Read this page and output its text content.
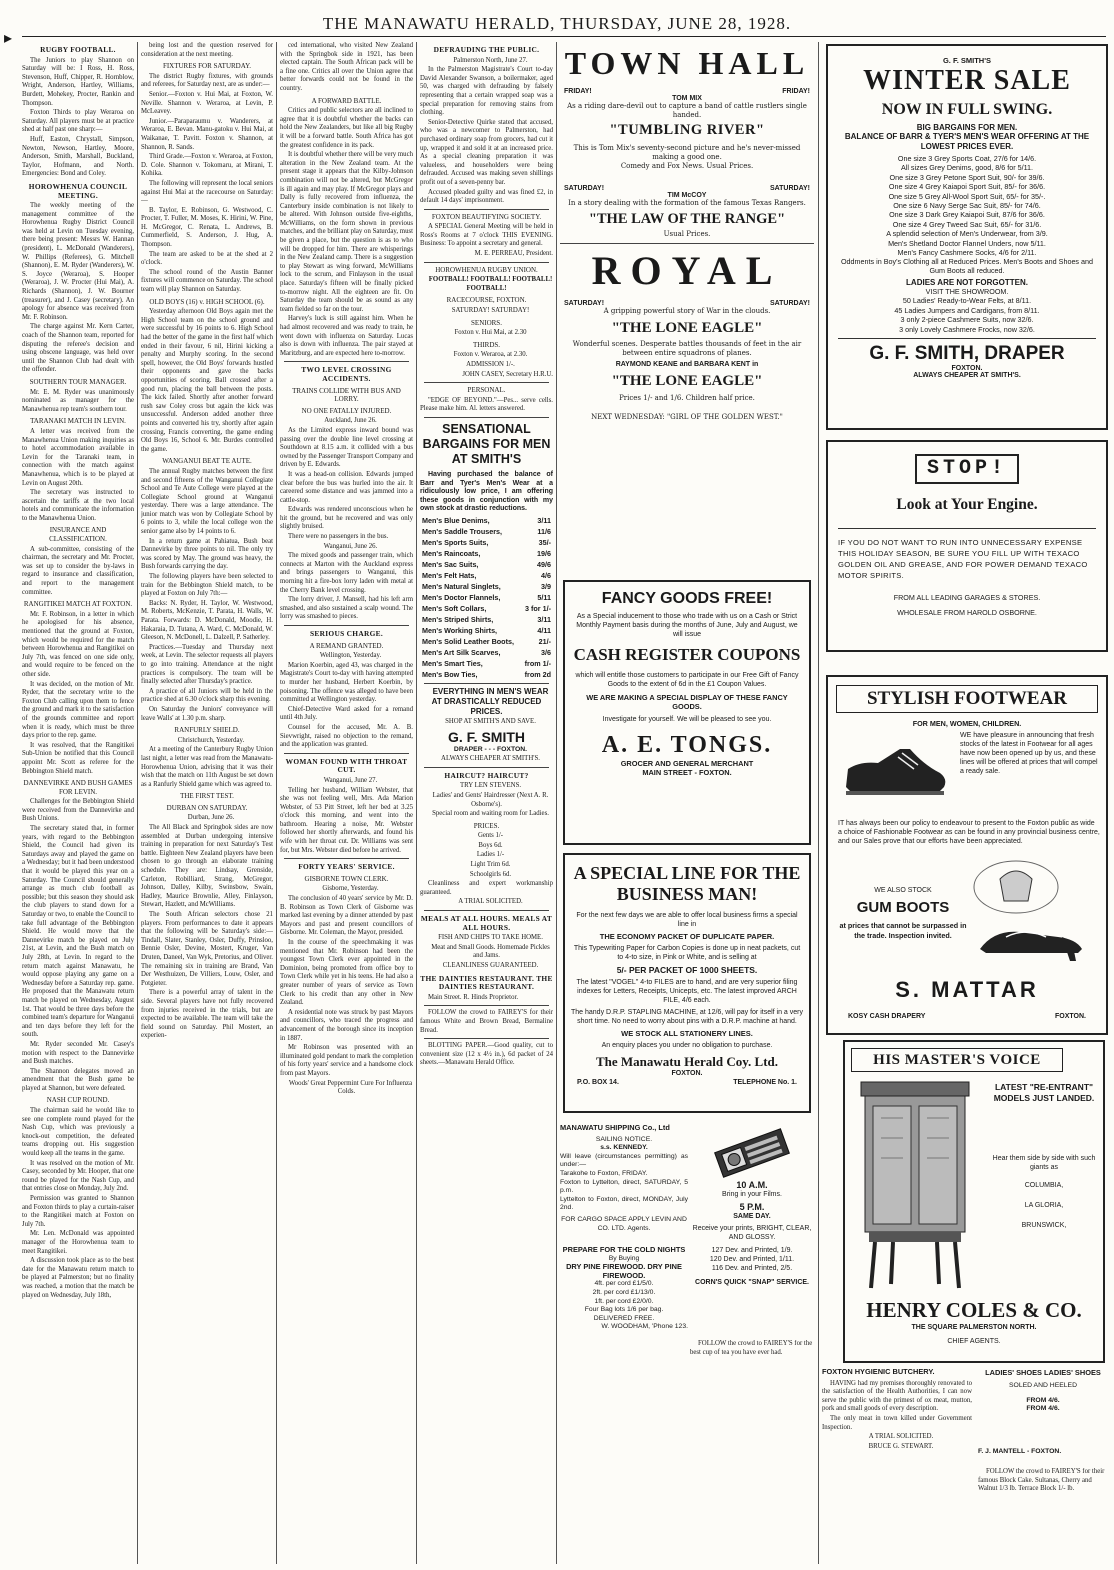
▸
THE MANAWATU HERALD, THURSDAY, JUNE 28, 1928.
RUGBY FOOTBALL.

The Juniors to play Shannon on Saturday will be: I Ross, H. Ross, Stevenson, Huff, Chipper, R. Hornblow, Wright, Anderson, Hartley, Williams, Burdett, Mohekey, Procter, Rankin and Thompson.

Foxton Thirds to play Weraroa on Saturday. All players must be at practice shed at half past one sharp:—

Huff, Easton, Chrystall, Simpson, Newton, Newson, Hartley, Moore, Anderson, Smith, Marshall, Buckland, Taylor, Hofmann, and North. Emergencies: Bond and Coley.

HOROWHENUA COUNCIL MEETING.

The weekly meeting of the management committee of the Horowhenua Rugby District Council was held at Levin on Tuesday evening, there being present: Messrs W. Hannan (president), L. McDonald (Wanderers), W. Phillips (Referees), G. Mitchell (Shannon), E. M. Ryder (Wanderers), W. S. Joyce (Weraroa), S. Hooper (Weraroa), J. W. Procter (Hui Mai), A. Richards (Shannon), J. W. Bourner (treasurer), and J. Casey (secretary). An apology for absence was received from Mr. F. Robinson.

The charge against Mr. Kern Carter, coach of the Shannon team, reported for disputing the referee's decision and using obscene language, was held over until the Shannon Club had dealt with the offender.

SOUTHERN TOUR MANAGER.

Mr. E. M. Ryder was unanimously nominated as manager for the Manawhenua rep team's southern tour.

TARANAKI MATCH IN LEVIN.

A letter was received from the Manawhenua Union making inquiries as to hotel accommodation available in Levin for the Taranaki team, in connection with the match against Manawhenua, which is to be played at Levin on August 20th.

The secretary was instructed to ascertain the tariffs at the two local hotels and communicate the information to the Manawhenua Union.

INSURANCE AND CLASSIFICATION.

A sub-committee, consisting of the chairman, the secretary and Mr. Procter, was set up to consider the by-laws in regard to insurance and classification, and report to the management committee.

RANGITIKEI MATCH AT FOXTON.

Mr. F. Robinson, in a letter in which he apologised for his absence, mentioned that the ground at Foxton, which would be required for the match between Horowhenua and Rangitikei on July 7th, was fenced on one side only, and would require to be fenced on the other side.

It was decided, on the motion of Mr. Ryder, that the secretary write to the Foxton Club calling upon them to fence the ground and mark it to the satisfaction of the grounds committee and report when it is ready, which must be three days prior to the rep. game.

It was resolved, that the Rangitikei Sub-Union be notified that this Council appoint Mr. Scott as referee for the Bebbington Shield match.

DANNEVIRKE AND BUSH GAMES FOR LEVIN.

Challenges for the Bebbington Shield were received from the Dannevirke and Bush Unions.

The secretary stated that, in former years, with regard to the Bebbington Shield, the Council had given its Saturdays away and played the game on a Wednesday; but it had been understood that it would be played this year on a Saturday. The Council should generally arrange as much club football as possible; but this season they should ask the club players to stand down for a Saturday or two, to enable the Council to take full advantage of the Bebbington Shield. He would move that the Dannevirke match be played on July 21st, at Levin, and the Bush match on July 28th, at Levin. In regard to the return match against Manawatu, he would oppose playing any game on a Wednesday before a Saturday rep. game. He proposed that the Manawatu return match be played on Wednesday, August 1st. That would be three days before the combined team's departure for Wanganui and ten days before they left for the south.

Mr. Ryder seconded Mr. Casey's motion with respect to the Dannevirke and Bush matches.

The Shannon delegates moved an amendment that the Bush game be played at Shannon, but were defeated.

NASH CUP ROUND.

The chairman said he would like to see one complete round played for the Nash Cup, which was previously a knock-out competition, the defeated teams dropping out. His suggestion would keep all the teams in the game.

It was resolved on the motion of Mr. Casey, seconded by Mr. Hooper, that one round be played for the Nash Cup, and that entries close on Monday, July 2nd.

Permission was granted to Shannon and Foxton thirds to play a curtain-raiser to the Rangitikei match at Foxton on July 7th.

Mr. Len. McDonald was appointed manager of the Horowhenua team to meet Rangitikei.

A discussion took place as to the best date for the Manawatu return match to be played at Palmerston; but no finality was reached, a motion that the match be played on Wednesday, July 18th,

being lost and the question reserved for consideration at the next meeting.

FIXTURES FOR SATURDAY.

The district Rugby fixtures, with grounds and referees, for Saturday next, are as under:—

Senior.—Foxton v. Hui Mai, at Foxton, W. Neville. Shannon v. Weraroa, at Levin, P. McLeavey.

Junior.—Paraparaumu v. Wanderers, at Weraroa, E. Bevan. Manu-gatoku v. Hui Mai, at Waikanae, T. Pavitt. Foxton v. Shannon, at Shannon, R. Sands.

Third Grade.—Foxton v. Weraroa, at Foxton, D. Cole. Shannon v. Tokomaru, at Mirani, T. Kohika.

The following will represent the local seniors against Hui Mai at the racecourse on Saturday:—

B. Taylor, E. Robinson, G. Westwood, C. Procter, T. Fuller, M. Moses, K. Hirini, W. Pine, H. McGregor, C. Renata, L. Andrews, B. Cummerfield, S. Anderson, J. Hug, A. Thompson.

The team are asked to be at the shed at 2 o'clock.

The school round of the Austin Banner fixtures will commence on Saturday. The school team will play Shannon on Saturday.

OLD BOYS (16) v. HIGH SCHOOL (6).

Yesterday afternoon Old Boys again met the High School team on the school ground and were successful by 16 points to 6. High School had the better of the game in the first half which ended in their favour, 6 nil, Hirini kicking a penalty and Murphy scoring. In the second spell, however, the Old Boys' forwards hustled their opponents and gave the backs opportunities of scoring. Ball crossed after a good run, placing the ball between the posts. The kick failed. Shortly after another forward rush saw Coley cross but again the kick was unsuccessful. Anderson added another three points and converted his try, shortly after again crossing, Francis converting, the game ending Old Boys 16, School 6. Mr. Burdes controlled the game.

WANGANUI BEAT TE AUTE.

The annual Rugby matches between the first and second fifteens of the Wanganui Collegiate School and Te Aute College were played at the Collegiate School ground at Wanganui yesterday. There was a large attendance. The junior match was won by Collegiate School by 6 points to 3, while the local college won the senior game also by 14 points to 6.

In a return game at Pahiatua, Bush beat Dannevirke by three points to nil. The only try was scored by May. The ground was heavy, the Bush forwards carrying the day.

The following players have been selected to train for the Bebbington Shield match, to be played at Foxton on July 7th:—

Backs: N. Ryder, H. Taylor, W. Westwood, M. Roberts, McKenzie, T. Parata, H. Walls, W. Parata. Forwards: D. McDonald, Moodie, H. Hakaraia, D. Tutana, A. Ward, C. McDonald, W. Gleeson, N. McDonell, L. Dalzell, P. Satherley.

Practices.—Tuesday and Thursday next week, at Levin. The selector requests all players to go into training. Attendance at the night practices is compulsory. The team will be finally selected after Thursday's practice.

A practice of all Juniors will be held in the practice shed at 6.30 o'clock sharp this evening.

On Saturday the Juniors' conveyance will leave Walls' at 1.30 p.m. sharp.

RANFURLY SHIELD.

Christchurch, Yesterday.

At a meeting of the Canterbury Rugby Union last night, a letter was read from the Manawatu-Horowhenua Union, advising that it was their wish that the match on 11th August be set down as a Ranfurly Shield game which was agreed to.

THE FIRST TEST.
DURBAN ON SATURDAY.

Durban, June 26.

The All Black and Springbok sides are now assembled at Durban undergoing intensive training in preparation for next Saturday's Test battle. Eighteen New Zealand players have been chosen to go through an elaborate training schedule. They are: Lindsay, Grenside, Carleton, Robilliard, Strang, McGregor, Johnson, Dalley, Kilby, Swinsbow, Swain, Hadley, Maurice Brownlie, Alley, Finlayson, Stewart, Hazlett, and McWilliams.

The South African selectors chose 21 players. From performances to date it appears that the following will be Saturday's side:—Tindall, Slater, Stanley, Osler, Duffy, Prinsloo, Bennie Osler, Devine, Mostert, Kruger, Van Druten, Daneel, Van Wyk, Pretorius, and Oliver. The remaining six in training are Brand, Van Der Westhuizen, De Villiers, Louw, Osler, and Potgieter.

There is a powerful array of talent in the side. Several players have not fully recovered from injuries received in the trials, but are expected to be available. The team will take the field sound on Saturday. Phil Mostert, an experien-

ced international, who visited New Zealand with the Springbok side in 1921, has been elected captain. The South African pack will be a fine one. Critics all over the Union agree that better forwards could not be found in the country.

A FORWARD BATTLE.

Critics and public selectors are all inclined to agree that it is doubtful whether the backs can hold the New Zealanders, but like all big Rugby it will be a forward battle. South Africa has got the greatest confidence in its pack.

It is doubtful whether there will be very much alteration in the New Zealand team. At the present stage it appears that the Kilby-Johnson combination will not be altered, but McGregor is ill again and may play. If McGregor plays and Dally is fully recovered from influenza, the Canterbury inside combination is not likely to be altered. With Johnson outside five-eighths, McWilliams, on the form shown in previous matches, and the brilliant play on Saturday, must be given a place, but the question is as to who will be dropped for him. There are whisperings in the New Zealand camp. There is a suggestion to play Stewart as wing forward, McWilliams lock to the scrum, and Finlayson in the usual place. Saturday's fifteen will be finally picked to-morrow night. All the eighteen are fit. On Saturday the team should be as sound as any team fielded so far on the tour.

Harvey's luck is still against him. When he had almost recovered and was ready to train, he went down with influenza on Saturday. Lucas also is down with influenza. The pair stayed at Maritzburg, and are expected here to-morrow.

TWO LEVEL CROSSING ACCIDENTS.
TRAINS COLLIDE WITH BUS AND LORRY.
NO ONE FATALLY INJURED.

Auckland, June 26.

As the Limited express inward bound was passing over the double line level crossing at Southdown at 8.15 a.m. it collided with a bus owned by the Passenger Transport Company and driven by E. Edwards.

It was a head-on collision. Edwards jumped clear before the bus was hurled into the air. It careered some distance and was jammed into a cattle-stop.

Edwards was rendered unconscious when he hit the ground, but he recovered and was only slightly bruised.

There were no passengers in the bus.

Wanganui, June 26.

The mixed goods and passenger train, which connects at Marton with the Auckland express and brings passengers to Wanganui, this morning hit a fire-box lorry laden with metal at the Cherry Bank level crossing.

The lorry driver, J. Mansell, had his left arm smashed, and also sustained a scalp wound. The lorry was smashed to pieces.

SERIOUS CHARGE.
A REMAND GRANTED.

Wellington, Yesterday.

Marion Koerbin, aged 43, was charged in the Magistrate's Court to-day with having attempted to murder her husband, Herbert Koerbin, by poisoning. The offence was alleged to have been committed at Wellington yesterday.

Chief-Detective Ward asked for a remand until 4th July.

Counsel for the accused, Mr. A. B. Sievwright, raised no objection to the remand, and the application was granted.

WOMAN FOUND WITH THROAT CUT.

Wanganui, June 27.

Telling her husband, William Webster, that she was not feeling well, Mrs. Ada Marion Webster, of 53 Pitt Street, left her bed at 3.25 o'clock this morning, and went into the bathroom. Hearing a noise, Mr. Webster followed her shortly afterwards, and found his wife with her throat cut. Dr. Williams was sent for, but Mrs. Webster died before he arrived.

FORTY YEARS' SERVICE.
GISBORNE TOWN CLERK.

Gisborne, Yesterday.

The conclusion of 40 years' service by Mr. D. B. Robinson as Town Clerk of Gisborne was marked last evening by a dinner attended by past Mayors and past and present councillors of Gisborne. Mr. Coleman, the Mayor, presided.

In the course of the speechmaking it was mentioned that Mr. Robinson had been the youngest Town Clerk ever appointed in the Dominion, being promoted from office boy to Town Clerk while yet in his teens. He had also a greater number of years of service as Town Clerk to his credit than any other in New Zealand.

A residential note was struck by past Mayors and councillors, who traced the progress and advancement of the borough since its inception in 1887.

Mr Robinson was presented with an illuminated gold pendant to mark the completion of his forty years' service and a handsome clock from past Mayors.

Woods' Great Peppermint Cure For Influenza Colds.

DEFRAUDING THE PUBLIC.

Palmerston North, June 27.

In the Palmerston Magistrate's Court to-day David Alexander Swanson, a boilermaker, aged 50, was charged with defrauding by falsely representing that a certain wrapped soap was a special preparation for removing stains from clothing.

Senior-Detective Quirke stated that accused, who was a newcomer to Palmerston, had purchased ordinary soap from grocers, had cut it up, wrapped it and sold it at an increased price. As a special cleaning preparation it was valueless, and householders were being defrauded. Accused was making seven shillings profit out of a seven-penny bar.

Accused pleaded guilty and was fined £2, in default 14 days' imprisonment.

FOXTON BEAUTIFYING SOCIETY.

A SPECIAL General Meeting will be held in Ross's Rooms at 7 o'clock THIS EVENING. Business: To appoint a secretary and general.

M. E. PERREAU, President.

HOROWHENUA RUGBY UNION.

FOOTBALL! FOOTBALL! FOOTBALL! FOOTBALL!

RACECOURSE, FOXTON.

SATURDAY! SATURDAY!

SENIORS.

Foxton v. Hui Mai, at 2.30

THIRDS.

Foxton v. Weraroa, at 2.30.

ADMISSION 1/-.

JOHN CASEY, Secretary H.R.U.

PERSONAL.

"EDGE OF BEYOND."—Pes... serve cells. Please make him. Al. letters answered.

SENSATIONAL BARGAINS FOR MEN AT SMITH'S

Having purchased the balance of Barr and Tyer's Men's Wear at a ridiculously low price, I am offering these goods in conjunction with my own stock at drastic reductions.

Men's Blue Denims,	3/11
Men's Saddle Trousers,	11/6
Men's Sports Suits,	35/-
Men's Raincoats,	19/6
Men's Sac Suits,	49/6
Men's Felt Hats,	4/6
Men's Natural Singlets,	3/9
Men's Doctor Flannels,	5/11
Men's Soft Collars,	3 for 1/-
Men's Striped Shirts,	3/11
Men's Working Shirts,	4/11
Men's Solid Leather Boots,	21/-
Men's Art Silk Scarves,	3/6
Men's Smart Ties,	from 1/-
Men's Bow Ties,	from 2d

EVERYTHING IN MEN'S WEAR AT DRASTICALLY REDUCED PRICES.

SHOP AT SMITH'S AND SAVE.

G. F. SMITH

DRAPER - - - FOXTON.

ALWAYS CHEAPER AT SMITH'S.

HAIRCUT? HAIRCUT?

TRY LEN STEVENS.

Ladies' and Gents' Hairdresser (Next A. R. Osborne's).

Special room and waiting room for Ladies.

PRICES.

Gents 1/-

Boys 6d.

Ladies 1/-

Light Trim 6d.

Schoolgirls 6d.

Cleanliness and expert workmanship guaranteed.

A TRIAL SOLICITED.

MEALS AT ALL HOURS. MEALS AT ALL HOURS.

FISH AND CHIPS TO TAKE HOME.

Meat and Small Goods. Homemade Pickles and Jams.

CLEANLINESS GUARANTEED.

THE DAINTIES RESTAURANT. THE DAINTIES RESTAURANT.

Main Street. R. Hinds Proprietor.

FOLLOW the crowd to FAIREY'S for their famous White and Brown Bread, Bermaline Bread.

BLOTTING PAPER.—Good quality, cut to convenient size (12 x 4½ in.), 6d packet of 24 sheets.—Manawatu Herald Office.

TOWN HALL
FRIDAY!	FRIDAY!
TOM MIX
As a riding dare-devil out to capture a band of cattle rustlers single handed.
"TUMBLING RIVER"
This is Tom Mix's seventy-second picture and he's never-missed making a good one.
Comedy and Fox News. Usual Prices.
SATURDAY!	SATURDAY!
TIM McCOY
In a story dealing with the formation of the famous Texas Rangers.
"THE LAW OF THE RANGE"
Usual Prices.
ROYAL
SATURDAY!	SATURDAY!
A gripping powerful story of War in the clouds.
"THE LONE EAGLE"
Wonderful scenes. Desperate battles thousands of feet in the air between entire squadrons of planes.
RAYMOND KEANE and BARBARA KENT in
"THE LONE EAGLE"
Prices 1/- and 1/6. Children half price.
NEXT WEDNESDAY: "GIRL OF THE GOLDEN WEST."
FANCY GOODS FREE!
As a Special inducement to those who trade with us on a Cash or Strict Monthly Payment basis during the months of June, July and August, we will issue
CASH REGISTER COUPONS
which will entitle those customers to participate in our Free Gift of Fancy Goods to the extent of 6d in the £1 Coupon Values.
WE ARE MAKING A SPECIAL DISPLAY OF THESE FANCY GOODS.
Investigate for yourself. We will be pleased to see you.
A. E. TONGS.
GROCER AND GENERAL MERCHANT
MAIN STREET - FOXTON.
A SPECIAL LINE FOR THE BUSINESS MAN!
For the next few days we are able to offer local business firms a special line in
THE ECONOMY PACKET OF DUPLICATE PAPER.
This Typewriting Paper for Carbon Copies is done up in neat packets, cut to 4-to size, in Pink or White, and is selling at
5/- PER PACKET OF 1000 SHEETS.
The latest "VOGEL" 4-to FILES are to hand, and are very superior filing indexes for Letters, Receipts, Unicepts, etc. The latest improved ARCH FILE, 4/6 each.
The handy D.R.P. STAPLING MACHINE, at 12/6, will pay for itself in a very short time. No need to worry about pins with a D.R.P. machine at hand.
WE STOCK ALL STATIONERY LINES.
An enquiry places you under no obligation to purchase.
The Manawatu Herald Coy. Ltd.
FOXTON.
P.O. BOX 14.	TELEPHONE No. 1.
MANAWATU SHIPPING Co., Ltd
SAILING NOTICE.
s.s. KENNEDY.
Will leave (circumstances permitting) as under:—
Tarakohe to Foxton, FRIDAY.
Foxton to Lyttelton, direct, SATURDAY, 5 p.m.
Lyttelton to Foxton, direct, MONDAY, July 2nd.
FOR CARGO SPACE APPLY LEVIN AND CO. LTD. Agents.
10 A.M.
Bring in your Films.
5 P.M.
SAME DAY.
Receive your prints, BRIGHT, CLEAR, AND GLOSSY.
127 Dev. and Printed, 1/9.
120 Dev. and Printed, 1/11.
116 Dev. and Printed, 2/5.
CORN'S QUICK "SNAP" SERVICE.
PREPARE FOR THE COLD NIGHTS
By Buying
DRY PINE FIREWOOD. DRY PINE FIREWOOD.
4ft. per cord £1/5/0.
2ft. per cord £1/13/0.
1ft. per cord £2/0/0.
Four Bag lots 1/6 per bag.
DELIVERED FREE.
W. WOODHAM, 'Phone 123.

FOLLOW the crowd to FAIREY'S for the best cup of tea you have ever had.

G. F. SMITH'S
WINTER SALE
NOW IN FULL SWING.
BIG BARGAINS FOR MEN.
BALANCE OF BARR & TYER'S MEN'S WEAR OFFERING AT THE LOWEST PRICES EVER.
One size 3 Grey Sports Coat, 27/6 for 14/6.
All sizes Grey Denims, good, 8/6 for 5/11.
One size 3 Grey Petone Sport Suit, 90/- for 39/6.
One size 4 Grey Kaiapoi Sport Suit, 85/- for 36/6.
One size 5 Grey All-Wool Sport Suit, 65/- for 35/-.
One size 6 Navy Serge Sac Suit, 85/- for 74/6.
One size 3 Dark Grey Kaiapoi Suit, 87/6 for 36/6.
One size 4 Grey Tweed Sac Suit, 65/- for 31/6.
A splendid selection of Men's Underwear, from 3/9.
Men's Shetland Doctor Flannel Unders, now 5/11.
Men's Fancy Cashmere Socks, 4/6 for 2/11.
Oddments in Boy's Clothing all at Reduced Prices. Men's Boots and Shoes and Gum Boots all reduced.
LADIES ARE NOT FORGOTTEN.
VISIT THE SHOWROOM.
50 Ladies' Ready-to-Wear Felts, at 8/11.
45 Ladies Jumpers and Cardigans, from 8/11.
3 only 2-piece Cashmere Suits, now 32/6.
3 only Lovely Cashmere Frocks, now 32/6.
G. F. SMITH, DRAPER
FOXTON.
ALWAYS CHEAPER AT SMITH'S.
STOP!
Look at Your Engine.
IF YOU DO NOT WANT TO RUN INTO UNNECESSARY EXPENSE THIS HOLIDAY SEASON, BE SURE YOU FILL UP WITH TEXACO GOLDEN OIL AND GREASE, AND FOR POWER DEMAND TEXACO MOTOR SPIRITS.
FROM ALL LEADING GARAGES & STORES.
WHOLESALE FROM HAROLD OSBORNE.
STYLISH FOOTWEAR
FOR MEN, WOMEN, CHILDREN.
WE have pleasure in announcing that fresh stocks of the latest in Footwear for all ages have now been opened up by us, and these lines will be offered at prices that will compel a ready sale.
IT has always been our policy to endeavour to present to the Foxton public as wide a choice of Fashionable Footwear as can be found in any provincial business centre, and our Sales prove that our efforts have been appreciated.
WE ALSO STOCK
GUM BOOTS
at prices that cannot be surpassed in the trade. Inspection invited.
S. MATTAR
KOSY CASH DRAPERY	FOXTON.
HIS MASTER'S VOICE
LATEST "RE-ENTRANT" MODELS JUST LANDED.
Hear them side by side with such giants as
COLUMBIA,
LA GLORIA,
BRUNSWICK,
HENRY COLES & CO.
THE SQUARE PALMERSTON NORTH.
CHIEF AGENTS.
FOXTON HYGIENIC BUTCHERY.

HAVING had my premises thoroughly renovated to the satisfaction of the Health Authorities, I can now serve the public with the primest of ox meat, mutton, pork and small goods of every description.

The only meat in town killed under Government Inspection.

A TRIAL SOLICITED.

BRUCE G. STEWART.

LADIES' SHOES LADIES' SHOES
SOLED AND HEELED
FROM 4/6.
FROM 4/6.
F. J. MANTELL - FOXTON.

FOLLOW the crowd to FAIREY'S for their famous Block Cake. Sultanas, Cherry and Walnut 1/3 lb. Terrace Block 1/- lb.
